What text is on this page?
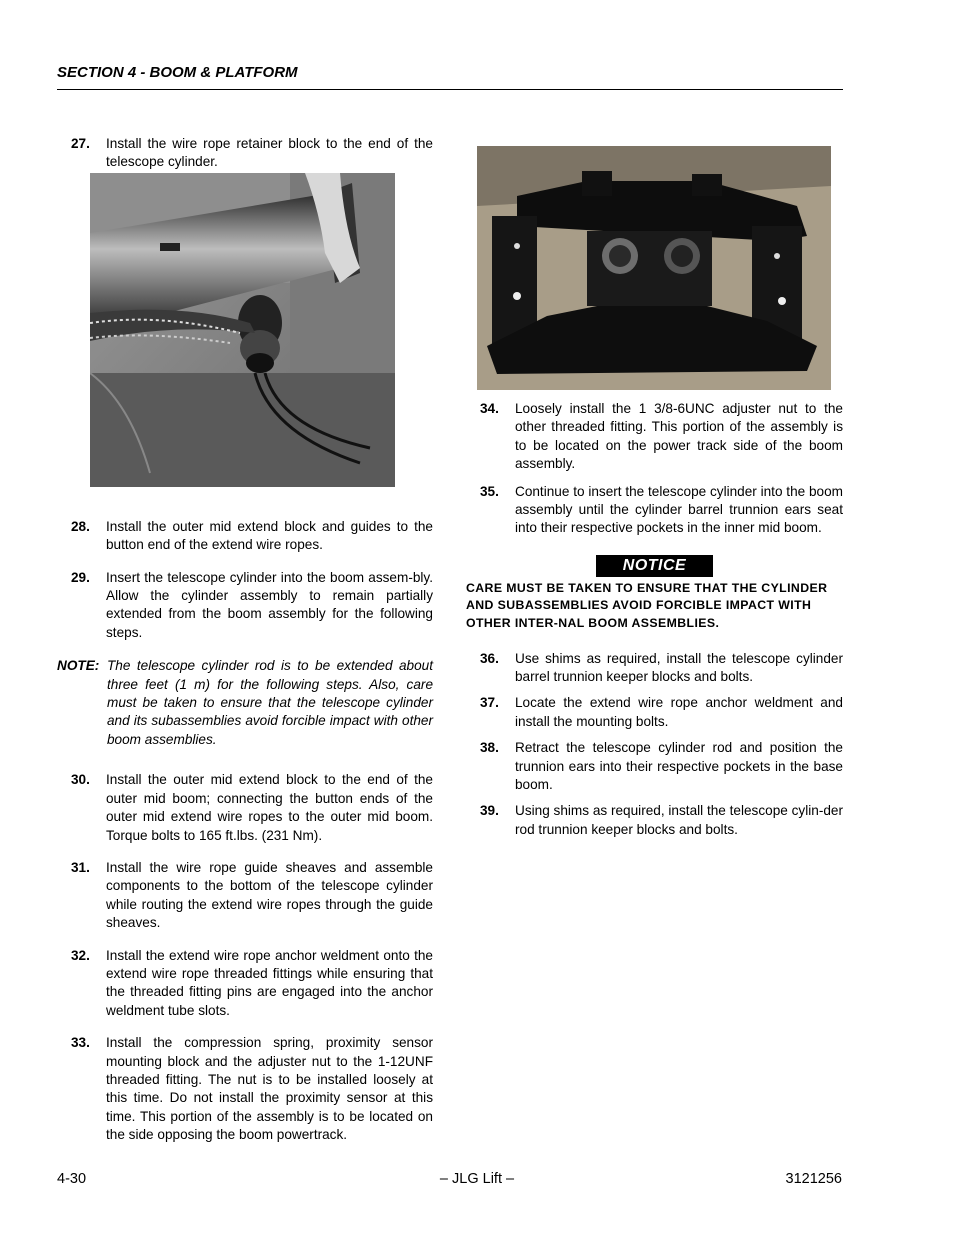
SECTION 4 - BOOM & PLATFORM
27. Install the wire rope retainer block to the end of the telescope cylinder.
28. Install the outer mid extend block and guides to the button end of the extend wire ropes.
29. Insert the telescope cylinder into the boom assem-bly. Allow the cylinder assembly to remain partially extended from the boom assembly for the following steps.
NOTE: The telescope cylinder rod is to be extended about three feet (1 m) for the following steps. Also, care must be taken to ensure that the telescope cylinder and its subassemblies avoid forcible impact with other boom assemblies.
30. Install the outer mid extend block to the end of the outer mid boom; connecting the button ends of the outer mid extend wire ropes to the outer mid boom. Torque bolts to 165 ft.lbs. (231 Nm).
31. Install the wire rope guide sheaves and assemble components to the bottom of the telescope cylinder while routing the extend wire ropes through the guide sheaves.
32. Install the extend wire rope anchor weldment onto the extend wire rope threaded fittings while ensuring that the threaded fitting pins are engaged into the anchor weldment tube slots.
33. Install the compression spring, proximity sensor mounting block and the adjuster nut to the 1-12UNF threaded fitting. The nut is to be installed loosely at this time. Do not install the proximity sensor at this time. This portion of the assembly is to be located on the side opposing the boom powertrack.
34. Loosely install the 1 3/8-6UNC adjuster nut to the other threaded fitting. This portion of the assembly is to be located on the power track side of the boom assembly.
35. Continue to insert the telescope cylinder into the boom assembly until the cylinder barrel trunnion ears seat into their respective pockets in the inner mid boom.
NOTICE
CARE MUST BE TAKEN TO ENSURE THAT THE CYLINDER AND SUBASSEMBLIES AVOID FORCIBLE IMPACT WITH OTHER INTER-NAL BOOM ASSEMBLIES.
36. Use shims as required, install the telescope cylinder barrel trunnion keeper blocks and bolts.
37. Locate the extend wire rope anchor weldment and install the mounting bolts.
38. Retract the telescope cylinder rod and position the trunnion ears into their respective pockets in the base boom.
39. Using shims as required, install the telescope cylin-der rod trunnion keeper blocks and bolts.
4-30	– JLG Lift –	3121256
